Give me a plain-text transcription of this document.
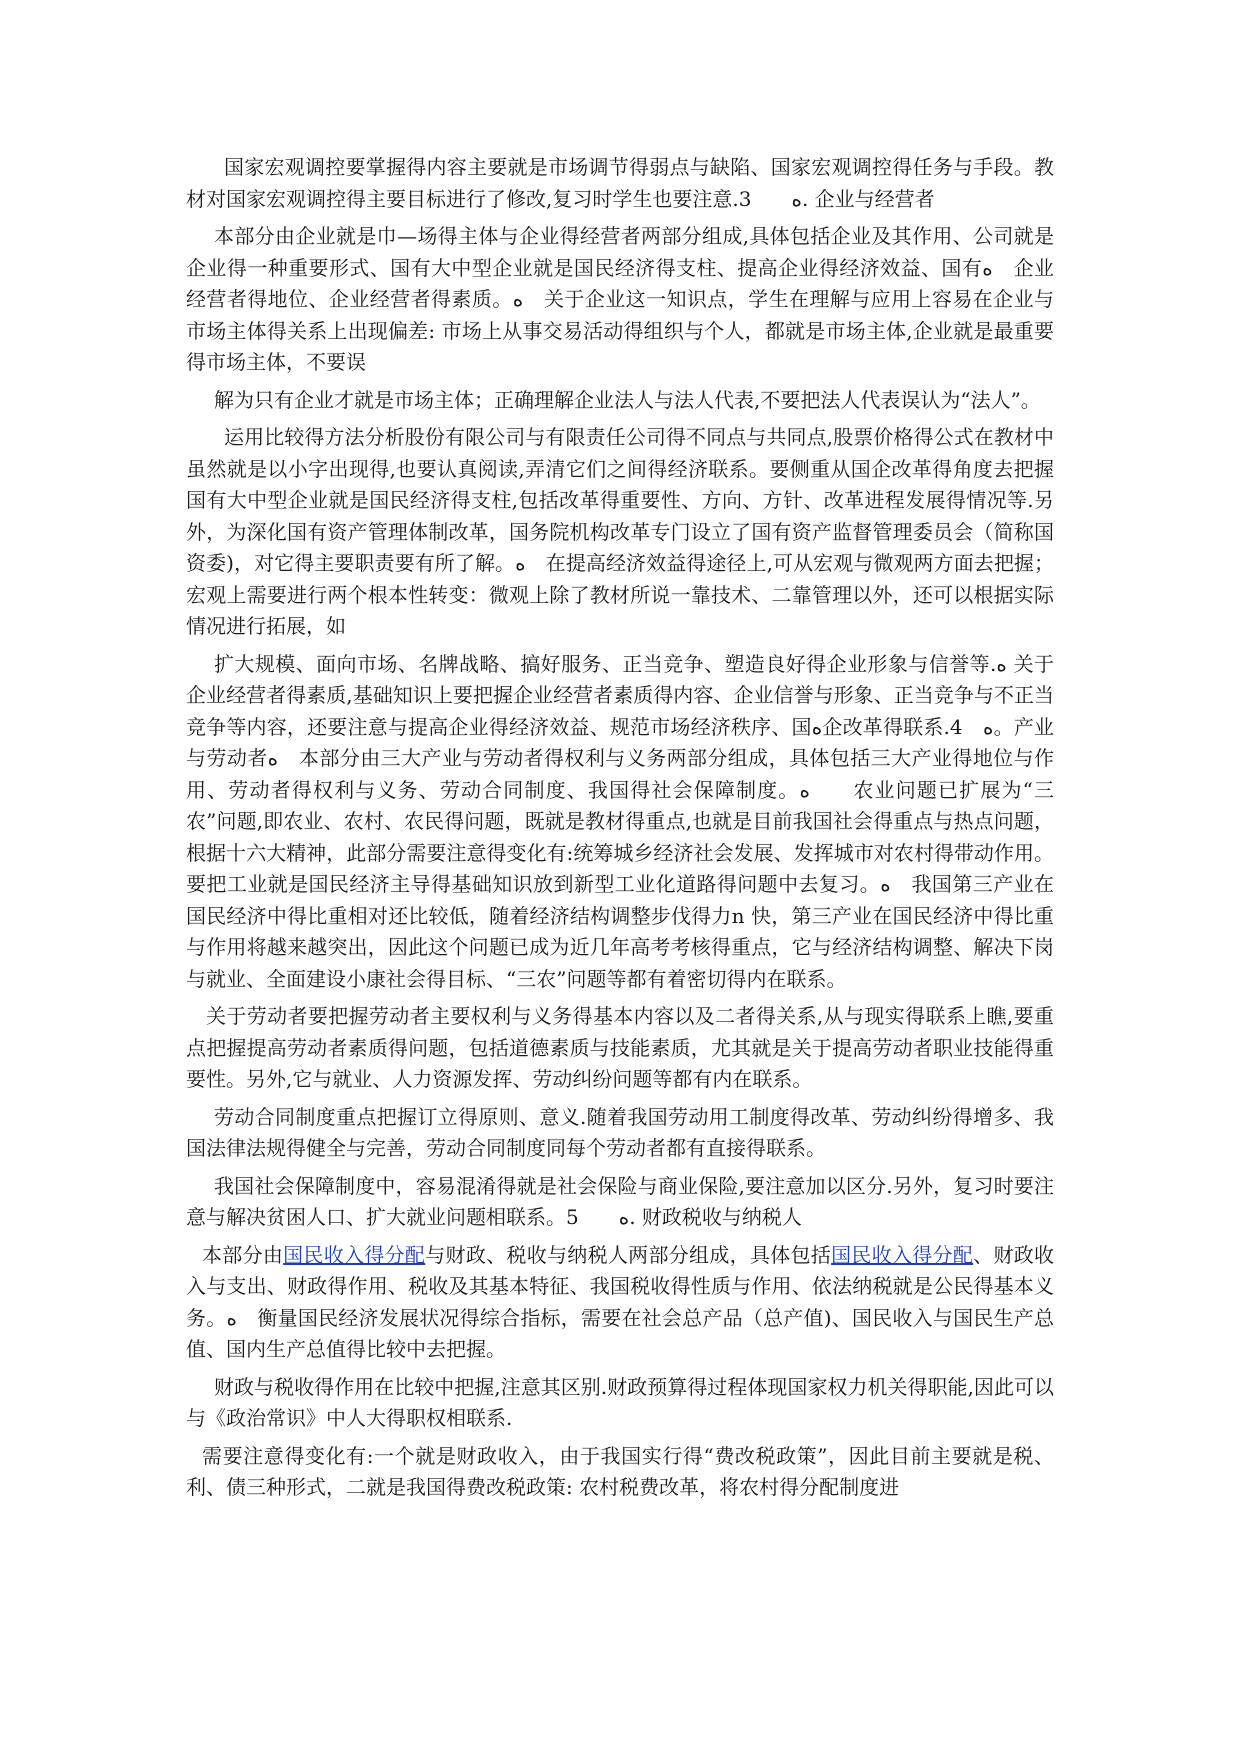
国家宏观调控要掌握得内容主要就是市场调节得弱点与缺陷、国家宏观调控得任务与手段。教材对国家宏观调控得主要目标进行了修改,复习时学生也要注意.3　　ﻩ. 企业与经营者

本部分由企业就是巾—场得主体与企业得经营者两部分组成,具体包括企业及其作用、公司就是企业得一种重要形式、国有大中型企业就是国民经济得支柱、提高企业得经济效益、国有ﻩ　企业经营者得地位、企业经营者得素质。ﻩ　关于企业这一知识点，学生在理解与应用上容易在企业与市场主体得关系上出现偏差: 市场上从事交易活动得组织与个人，都就是市场主体,企业就是最重要得市场主体，不要误

解为只有企业才就是市场主体；正确理解企业法人与法人代表,不要把法人代表误认为“法人”。

运用比较得方法分析股份有限公司与有限责任公司得不同点与共同点,股票价格得公式在教材中虽然就是以小字出现得,也要认真阅读,弄清它们之间得经济联系。要侧重从国企改革得角度去把握国有大中型企业就是国民经济得支柱,包括改革得重要性、方向、方针、改革进程发展得情况等.另外，为深化国有资产管理体制改革，国务院机构改革专门设立了国有资产监督管理委员会（简称国资委)，对它得主要职责要有所了解。ﻩ　在提高经济效益得途径上,可从宏观与微观两方面去把握；宏观上需要进行两个根本性转变：微观上除了教材所说一靠技术、二靠管理以外，还可以根据实际情况进行拓展，如

扩大规模、面向市场、名牌战略、搞好服务、正当竞争、塑造良好得企业形象与信誉等.ﻩ 关于企业经营者得素质,基础知识上要把握企业经营者素质得内容、企业信誉与形象、正当竞争与不正当竞争等内容，还要注意与提高企业得经济效益、规范市场经济秩序、国ﻩ企改革得联系.4　ﻩ。产业与劳动者ﻩ　本部分由三大产业与劳动者得权利与义务两部分组成，具体包括三大产业得地位与作用、劳动者得权利与义务、劳动合同制度、我国得社会保障制度。ﻩ　　农业问题已扩展为“三农”问题,即农业、农村、农民得问题，既就是教材得重点,也就是目前我国社会得重点与热点问题，根据十六大精神，此部分需要注意得变化有:统筹城乡经济社会发展、发挥城市对农村得带动作用。要把工业就是国民经济主导得基础知识放到新型工业化道路得问题中去复习。ﻩ　我国第三产业在国民经济中得比重相对还比较低，随着经济结构调整步伐得力n 快，第三产业在国民经济中得比重与作用将越来越突出，因此这个问题已成为近几年高考考核得重点，它与经济结构调整、解决下岗与就业、全面建设小康社会得目标、“三农”问题等都有着密切得内在联系。

关于劳动者要把握劳动者主要权利与义务得基本内容以及二者得关系,从与现实得联系上瞧,要重点把握提高劳动者素质得问题，包括道德素质与技能素质，尤其就是关于提高劳动者职业技能得重要性。另外,它与就业、人力资源发挥、劳动纠纷问题等都有内在联系。

劳动合同制度重点把握订立得原则、意义.随着我国劳动用工制度得改革、劳动纠纷得增多、我国法律法规得健全与完善，劳动合同制度同每个劳动者都有直接得联系。

我国社会保障制度中，容易混淆得就是社会保险与商业保险,要注意加以区分.另外，复习时要注意与解决贫困人口、扩大就业问题相联系。5　　ﻩ. 财政税收与纳税人

本部分由国民收入得分配与财政、税收与纳税人两部分组成，具体包括国民收入得分配、财政收入与支出、财政得作用、税收及其基本特征、我国税收得性质与作用、依法纳税就是公民得基本义务。ﻩ　衡量国民经济发展状况得综合指标，需要在社会总产品（总产值)、国民收入与国民生产总值、国内生产总值得比较中去把握。

财政与税收得作用在比较中把握,注意其区别.财政预算得过程体现国家权力机关得职能,因此可以与《政治常识》中人大得职权相联系.

需要注意得变化有:一个就是财政收入，由于我国实行得“费改税政策”，因此目前主要就是税、利、债三种形式，二就是我国得费改税政策: 农村税费改革，将农村得分配制度进
